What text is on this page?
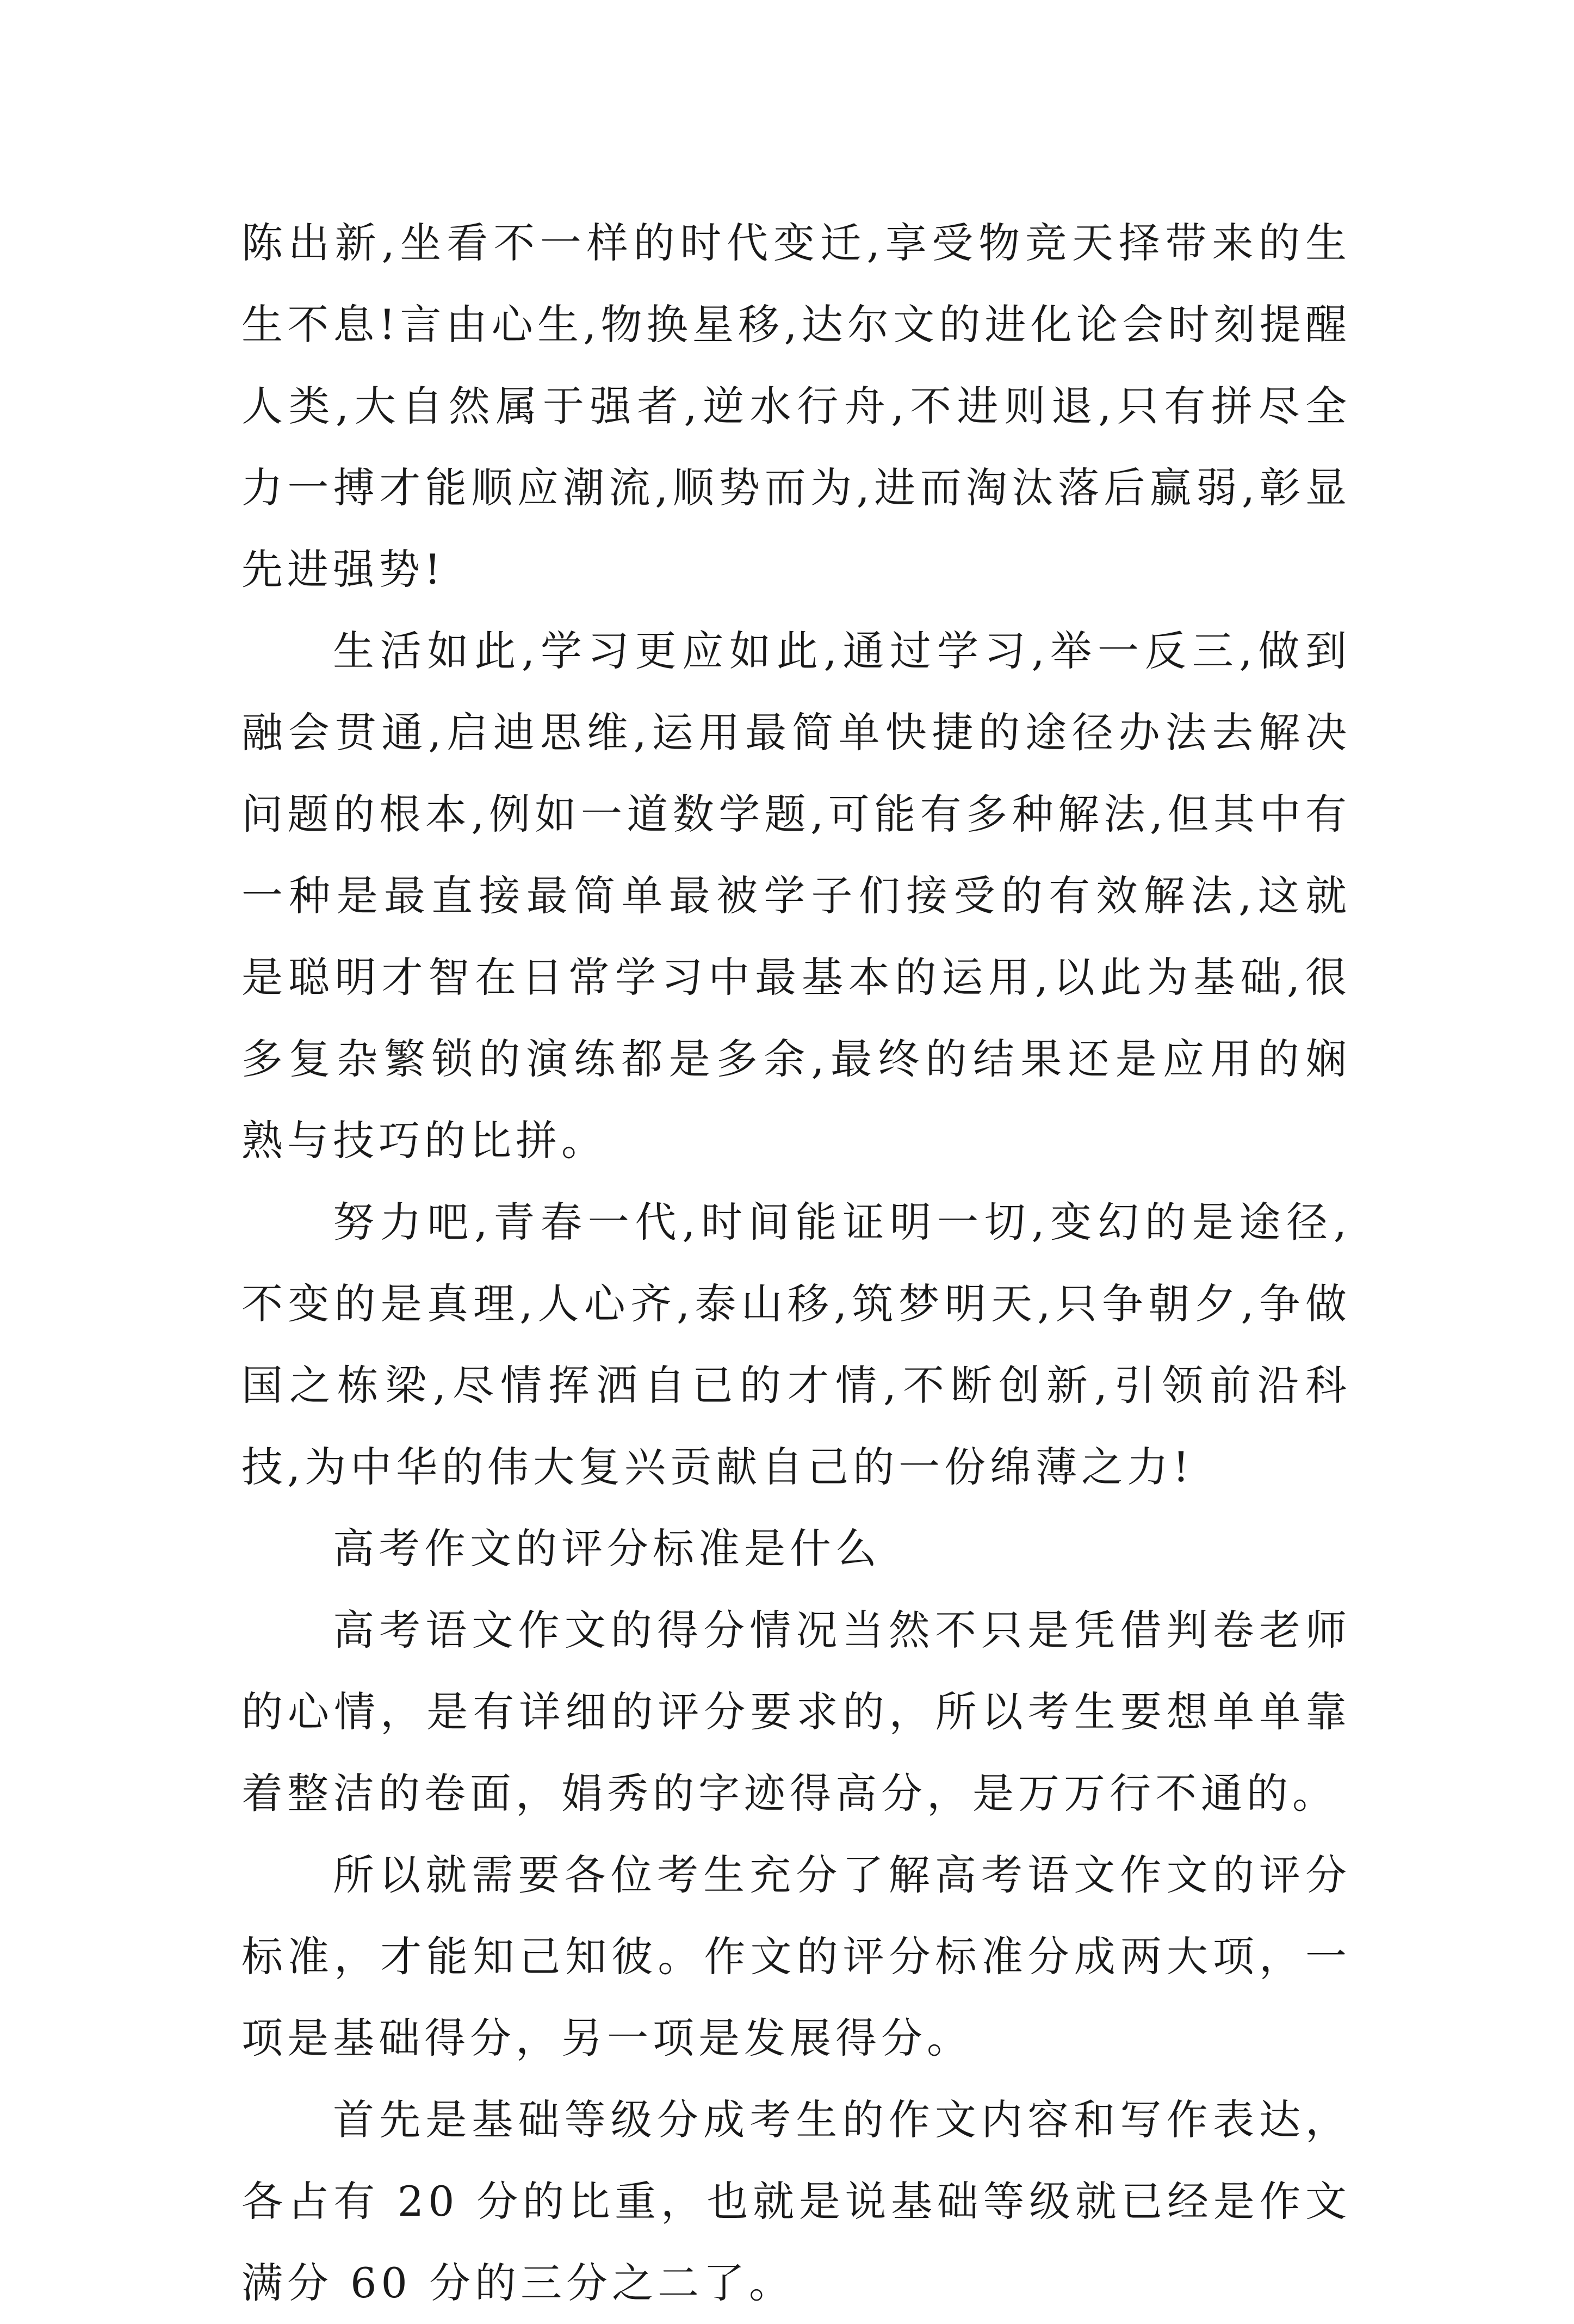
陈出新,坐看不一样的时代变迁,享受物竞天择带来的生生不息!言由心生,物换星移,达尔文的进化论会时刻提醒人类,大自然属于强者,逆水行舟,不进则退,只有拼尽全力一搏才能顺应潮流,顺势而为,进而淘汰落后赢弱,彰显先进强势!

生活如此,学习更应如此,通过学习,举一反三,做到融会贯通,启迪思维,运用最简单快捷的途径办法去解决问题的根本,例如一道数学题,可能有多种解法,但其中有一种是最直接最简单最被学子们接受的有效解法,这就是聪明才智在日常学习中最基本的运用,以此为基础,很多复杂繁锁的演练都是多余,最终的结果还是应用的娴熟与技巧的比拼。

努力吧,青春一代,时间能证明一切,变幻的是途径,不变的是真理,人心齐,泰山移,筑梦明天,只争朝夕,争做国之栋梁,尽情挥洒自已的才情,不断创新,引领前沿科技,为中华的伟大复兴贡献自己的一份绵薄之力!

高考作文的评分标准是什么

高考语文作文的得分情况当然不只是凭借判卷老师的心情，是有详细的评分要求的，所以考生要想单单靠着整洁的卷面，娟秀的字迹得高分，是万万行不通的。

所以就需要各位考生充分了解高考语文作文的评分标准，才能知己知彼。作文的评分标准分成两大项，一项是基础得分，另一项是发展得分。

首先是基础等级分成考生的作文内容和写作表达，各占有 20 分的比重，也就是说基础等级就已经是作文满分 60 分的三分之二了。
